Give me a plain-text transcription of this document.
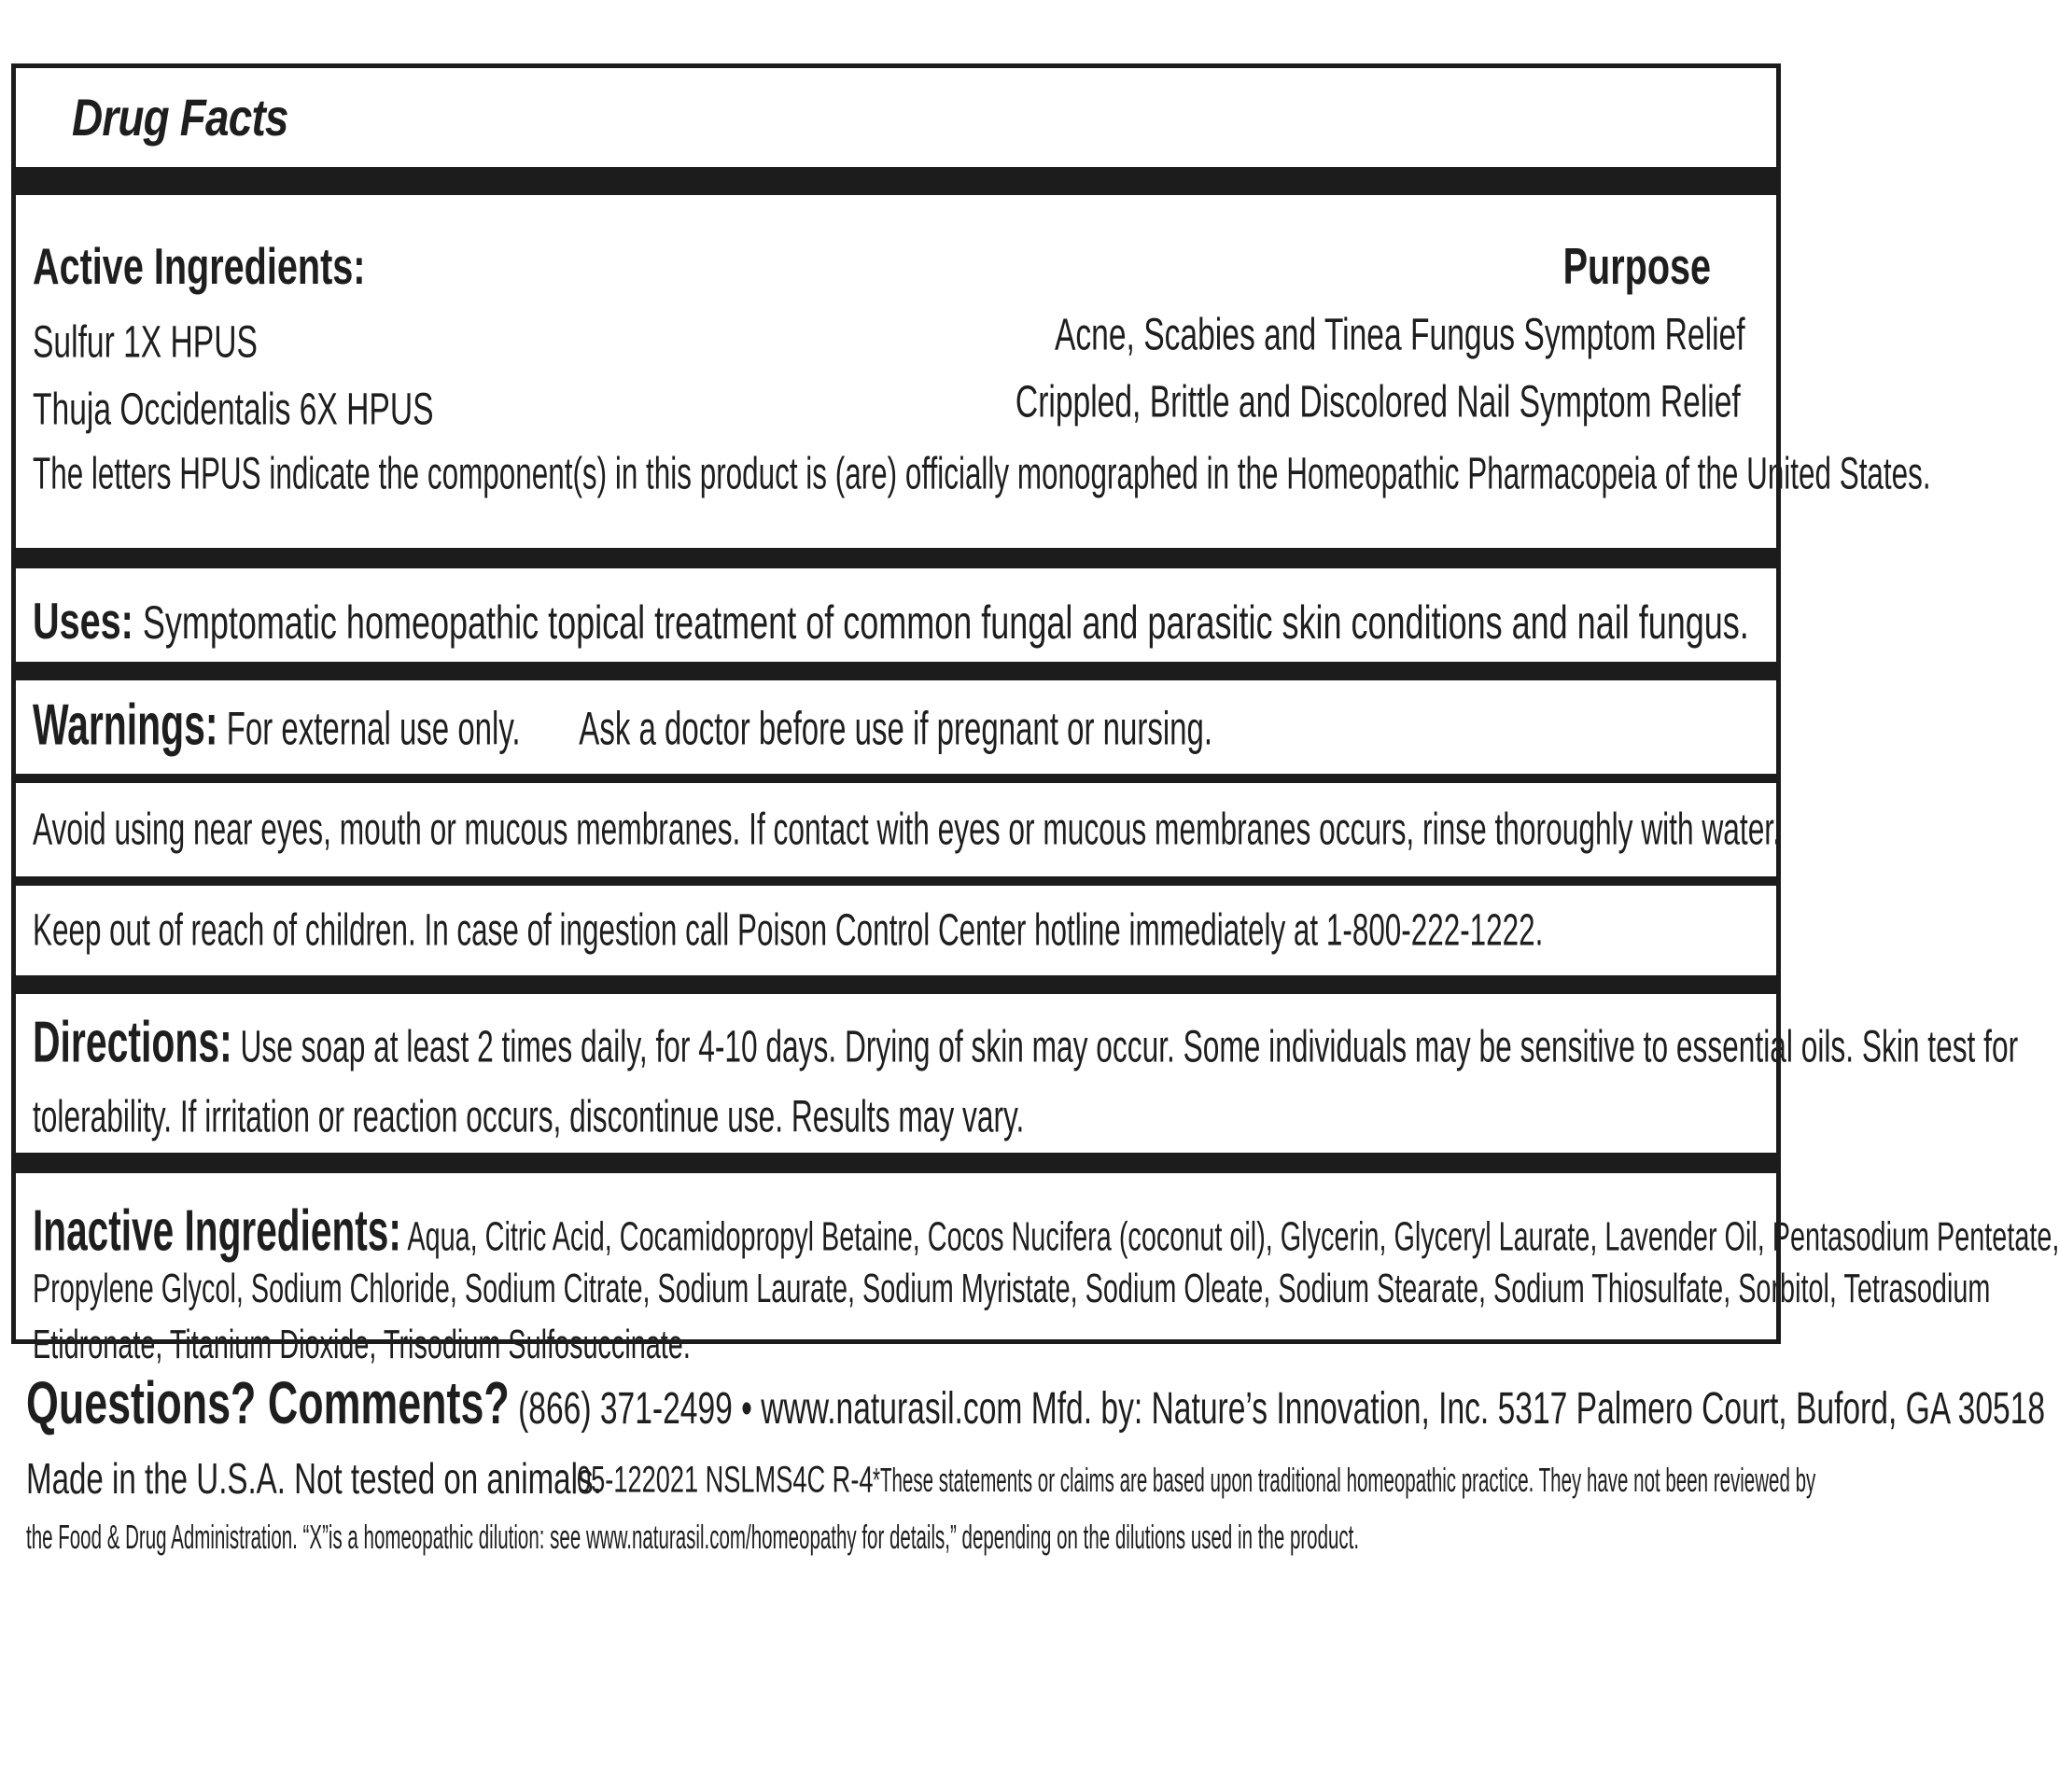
Drug Facts
Active Ingredients:	Purpose
Sulfur 1X HPUS	Acne, Scabies and Tinea Fungus Symptom Relief
Thuja Occidentalis 6X HPUS	Crippled, Brittle and Discolored Nail Symptom Relief
The letters HPUS indicate the component(s) in this product is (are) officially monographed in the Homeopathic Pharmacopeia of the United States.
Uses: Symptomatic homeopathic topical treatment of common fungal and parasitic skin conditions and nail fungus.
Warnings: For external use only. Ask a doctor before use if pregnant or nursing.
Avoid using near eyes, mouth or mucous membranes. If contact with eyes or mucous membranes occurs, rinse thoroughly with water.
Keep out of reach of children. In case of ingestion call Poison Control Center hotline immediately at 1-800-222-1222.
Directions: Use soap at least 2 times daily, for 4-10 days. Drying of skin may occur. Some individuals may be sensitive to essential oils. Skin test for
tolerability. If irritation or reaction occurs, discontinue use. Results may vary.
Inactive Ingredients: Aqua, Citric Acid, Cocamidopropyl Betaine, Cocos Nucifera (coconut oil), Glycerin, Glyceryl Laurate, Lavender Oil, Pentasodium Pentetate,
Propylene Glycol, Sodium Chloride, Sodium Citrate, Sodium Laurate, Sodium Myristate, Sodium Oleate, Sodium Stearate, Sodium Thiosulfate, Sorbitol, Tetrasodium
Etidronate, Titanium Dioxide, Trisodium Sulfosuccinate.
Questions? Comments? (866) 371-2499 • www.naturasil.com Mfd. by: Nature’s Innovation, Inc. 5317 Palmero Court, Buford, GA 30518
Made in the U.S.A. Not tested on animals.
05-122021 NSLMS4C R-4 *These statements or claims are based upon traditional homeopathic practice. They have not been reviewed by
the Food & Drug Administration. “X”is a homeopathic dilution: see www.naturasil.com/homeopathy for details,” depending on the dilutions used in the product.
